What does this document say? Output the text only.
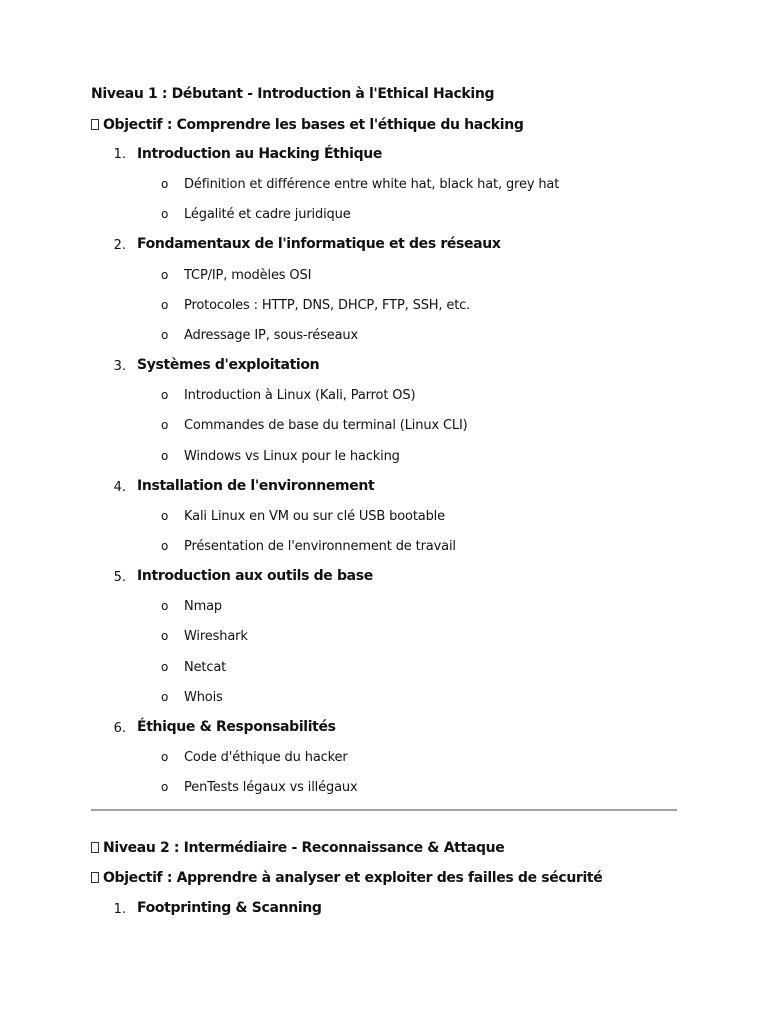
Niveau 1 : Débutant - Introduction à l'Ethical Hacking
Objectif : Comprendre les bases et l'éthique du hacking
1. Introduction au Hacking Éthique
o Définition et différence entre white hat, black hat, grey hat
o Légalité et cadre juridique
2. Fondamentaux de l'informatique et des réseaux
o TCP/IP, modèles OSI
o Protocoles : HTTP, DNS, DHCP, FTP, SSH, etc.
o Adressage IP, sous-réseaux
3. Systèmes d'exploitation
o Introduction à Linux (Kali, Parrot OS)
o Commandes de base du terminal (Linux CLI)
o Windows vs Linux pour le hacking
4. Installation de l'environnement
o Kali Linux en VM ou sur clé USB bootable
o Présentation de l'environnement de travail
5. Introduction aux outils de base
o Nmap
o Wireshark
o Netcat
o Whois
6. Éthique & Responsabilités
o Code d'éthique du hacker
o PenTests légaux vs illégaux
Niveau 2 : Intermédiaire - Reconnaissance & Attaque
Objectif : Apprendre à analyser et exploiter des failles de sécurité
1. Footprinting & Scanning
